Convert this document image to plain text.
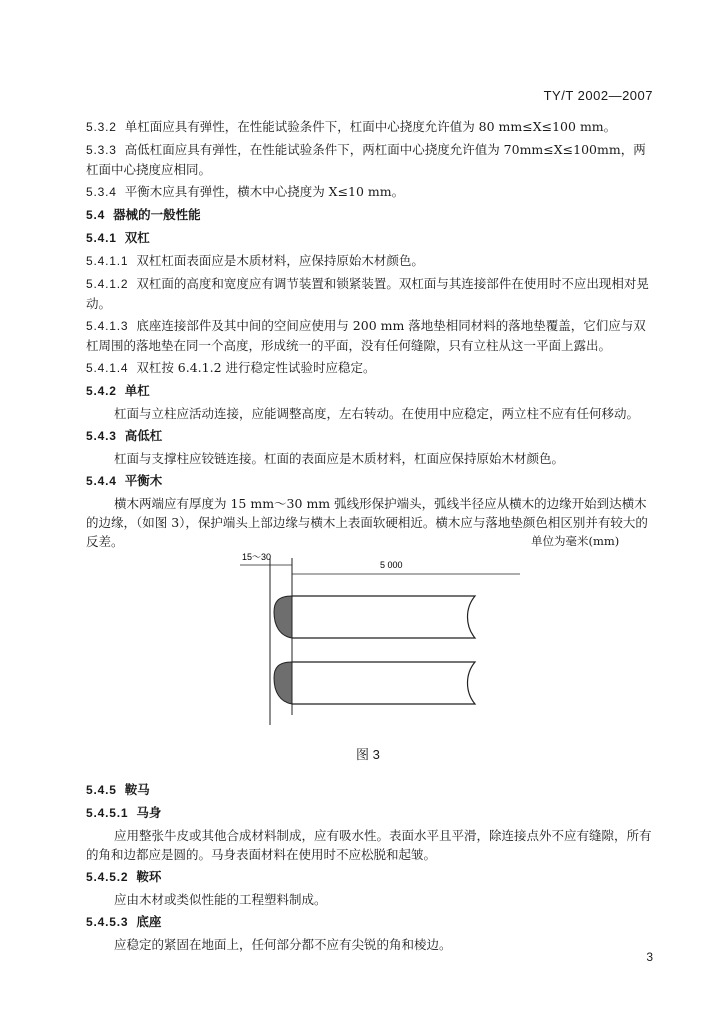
TY/T 2002—2007

5.3.2 单杠面应具有弹性，在性能试验条件下，杠面中心挠度允许值为 80 mm≤X≤100 mm。

5.3.3 高低杠面应具有弹性，在性能试验条件下，两杠面中心挠度允许值为 70mm≤X≤100mm，两杠面中心挠度应相同。

5.3.4 平衡木应具有弹性，横木中心挠度为 X≤10 mm。

5.4 器械的一般性能

5.4.1 双杠

5.4.1.1 双杠杠面表面应是木质材料，应保持原始木材颜色。

5.4.1.2 双杠面的高度和宽度应有调节装置和锁紧装置。双杠面与其连接部件在使用时不应出现相对晃动。

5.4.1.3 底座连接部件及其中间的空间应使用与 200 mm 落地垫相同材料的落地垫覆盖，它们应与双杠周围的落地垫在同一个高度，形成统一的平面，没有任何缝隙，只有立柱从这一平面上露出。

5.4.1.4 双杠按 6.4.1.2 进行稳定性试验时应稳定。

5.4.2 单杠

杠面与立柱应活动连接，应能调整高度，左右转动。在使用中应稳定，两立柱不应有任何移动。

5.4.3 高低杠

杠面与支撑柱应铰链连接。杠面的表面应是木质材料，杠面应保持原始木材颜色。

5.4.4 平衡木

横木两端应有厚度为 15 mm～30 mm 弧线形保护端头，弧线半径应从横木的边缘开始到达横木的边缘，（如图 3），保护端头上部边缘与横木上表面软硬相近。横木应与落地垫颜色相区别并有较大的反差。	单位为毫米(mm)
15～30
5 000
图 3

5.4.5 鞍马

5.4.5.1 马身

应用整张牛皮或其他合成材料制成，应有吸水性。表面水平且平滑，除连接点外不应有缝隙，所有的角和边都应是圆的。马身表面材料在使用时不应松脱和起皱。

5.4.5.2 鞍环

应由木材或类似性能的工程塑料制成。

5.4.5.3 底座

应稳定的紧固在地面上，任何部分都不应有尖锐的角和棱边。

3
